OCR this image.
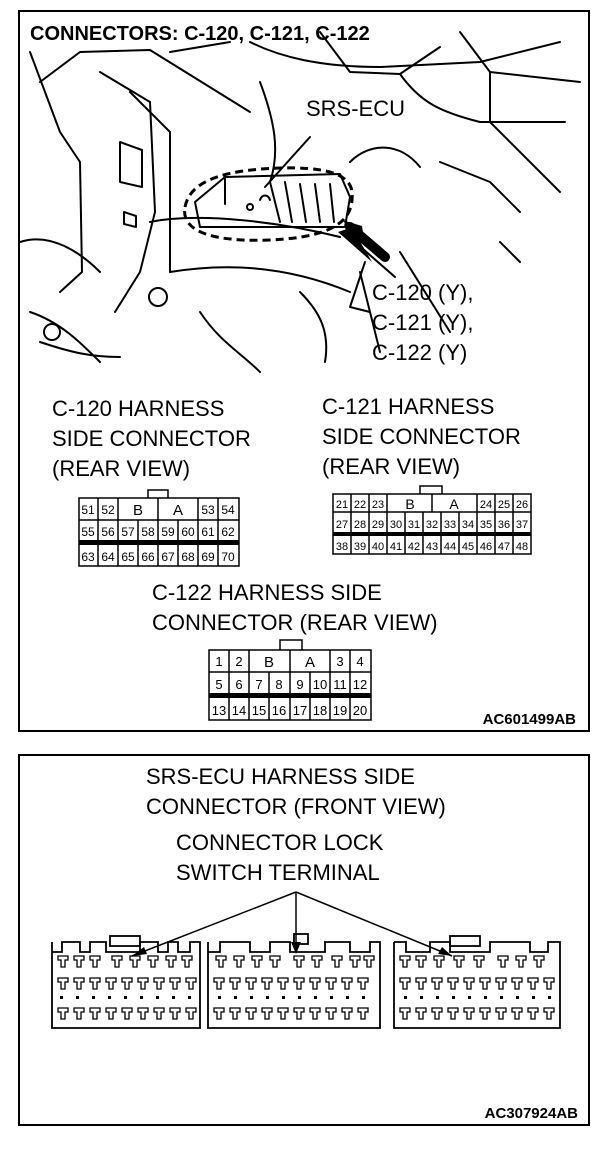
CONNECTORS: C-120, C-121, C-122
SRS-ECU
C-120 (Y),
C-121 (Y),
C-122 (Y)
C-120 HARNESS
SIDE CONNECTOR
(REAR VIEW)
C-121 HARNESS
SIDE CONNECTOR
(REAR VIEW)
51 52 B A 53 54
55 56 57 58 59 60 61 62
63 64 65 66 67 68 69 70
21 22 23 B A 24 25 26
27 28 29 30 31 32 33 34 35 36 37
38 39 40 41 42 43 44 45 46 47 48
C-122 HARNESS SIDE
CONNECTOR (REAR VIEW)
1 2 B A 3 4
5 6 7 8 9 10 11 12
13 14 15 16 17 18 19 20
AC601499AB
SRS-ECU HARNESS SIDE
CONNECTOR (FRONT VIEW)
CONNECTOR LOCK
SWITCH TERMINAL
AC307924AB
